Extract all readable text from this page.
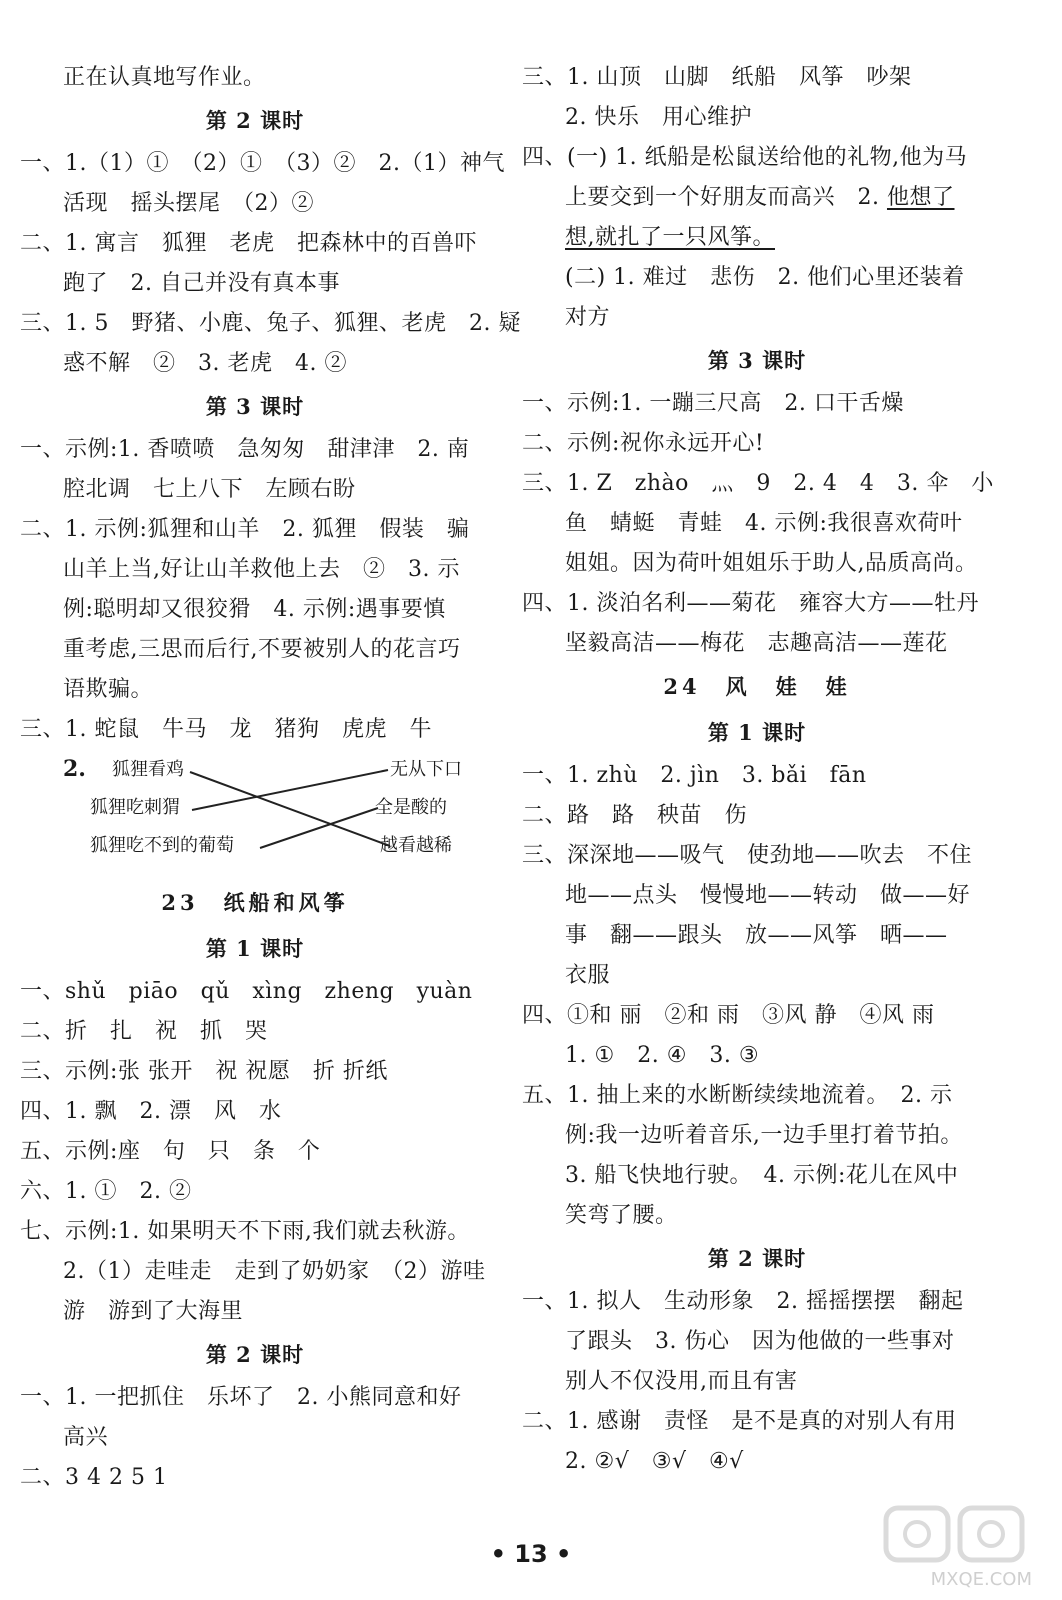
正在认真地写作业。
第 2 课时
一、1.（1）①　（2）①　（3）②　2.（1）神气
活现　摇头摆尾　（2）②
二、1. 寓言　狐狸　老虎　把森林中的百兽吓
跑了　2. 自己并没有真本事
三、1. 5　野猪、小鹿、兔子、狐狸、老虎　2. 疑
惑不解　②　3. 老虎　4. ②
第 3 课时
一、示例:1. 香喷喷　急匆匆　甜津津　2. 南
腔北调　七上八下　左顾右盼
二、1. 示例:狐狸和山羊　2. 狐狸　假装　骗
山羊上当,好让山羊救他上去　②　3. 示
例:聪明却又很狡猾　4. 示例:遇事要慎
重考虑,三思而后行,不要被别人的花言巧
语欺骗。
三、1. 蛇鼠　牛马　龙　猪狗　虎虎　牛
2. 狐狸看鸡
狐狸吃刺猬
狐狸吃不到的葡萄
无从下口
全是酸的
越看越稀
23　纸船和风筝
第 1 课时
一、shǔ　piāo　qǔ　xìng　zheng　yuàn
二、折　扎　祝　抓　哭
三、示例:张 张开　祝 祝愿　折 折纸
四、1. 飘　2. 漂　风　水
五、示例:座　句　只　条　个
六、1. ①　2. ②
七、示例:1. 如果明天不下雨,我们就去秋游。
2.（1）走哇走　走到了奶奶家　（2）游哇
游　游到了大海里
第 2 课时
一、1. 一把抓住　乐坏了　2. 小熊同意和好
高兴
二、3 4 2 5 1
三、1. 山顶　山脚　纸船　风筝　吵架
2. 快乐　用心维护
四、(一) 1. 纸船是松鼠送给他的礼物,他为马
上要交到一个好朋友而高兴　2. 他想了
想,就扎了一只风筝。
(二) 1. 难过　悲伤　2. 他们心里还装着
对方
第 3 课时
一、示例:1. 一蹦三尺高　2. 口干舌燥
二、示例:祝你永远开心!
三、1. Z　zhào　灬　9　2. 4　4　3. 伞　小
鱼　蜻蜓　青蛙　4. 示例:我很喜欢荷叶
姐姐。因为荷叶姐姐乐于助人,品质高尚。
四、1. 淡泊名利——菊花　雍容大方——牡丹
坚毅高洁——梅花　志趣高洁——莲花
24　风　娃　娃
第 1 课时
一、1. zhù　2. jìn　3. bǎi　fān
二、路　路　秧苗　伤
三、深深地——吸气　使劲地——吹去　不住
地——点头　慢慢地——转动　做——好
事　翻——跟头　放——风筝　晒——
衣服
四、①和 丽　②和 雨　③风 静　④风 雨
1. ①　2. ④　3. ③
五、1. 抽上来的水断断续续地流着。　2. 示
例:我一边听着音乐,一边手里打着节拍。
3. 船飞快地行驶。　4. 示例:花儿在风中
笑弯了腰。
第 2 课时
一、1. 拟人　生动形象　2. 摇摇摆摆　翻起
了跟头　3. 伤心　因为他做的一些事对
别人不仅没用,而且有害
二、1. 感谢　责怪　是不是真的对别人有用
2. ②√　③√　④√
• 13 •
MXQE.COM
